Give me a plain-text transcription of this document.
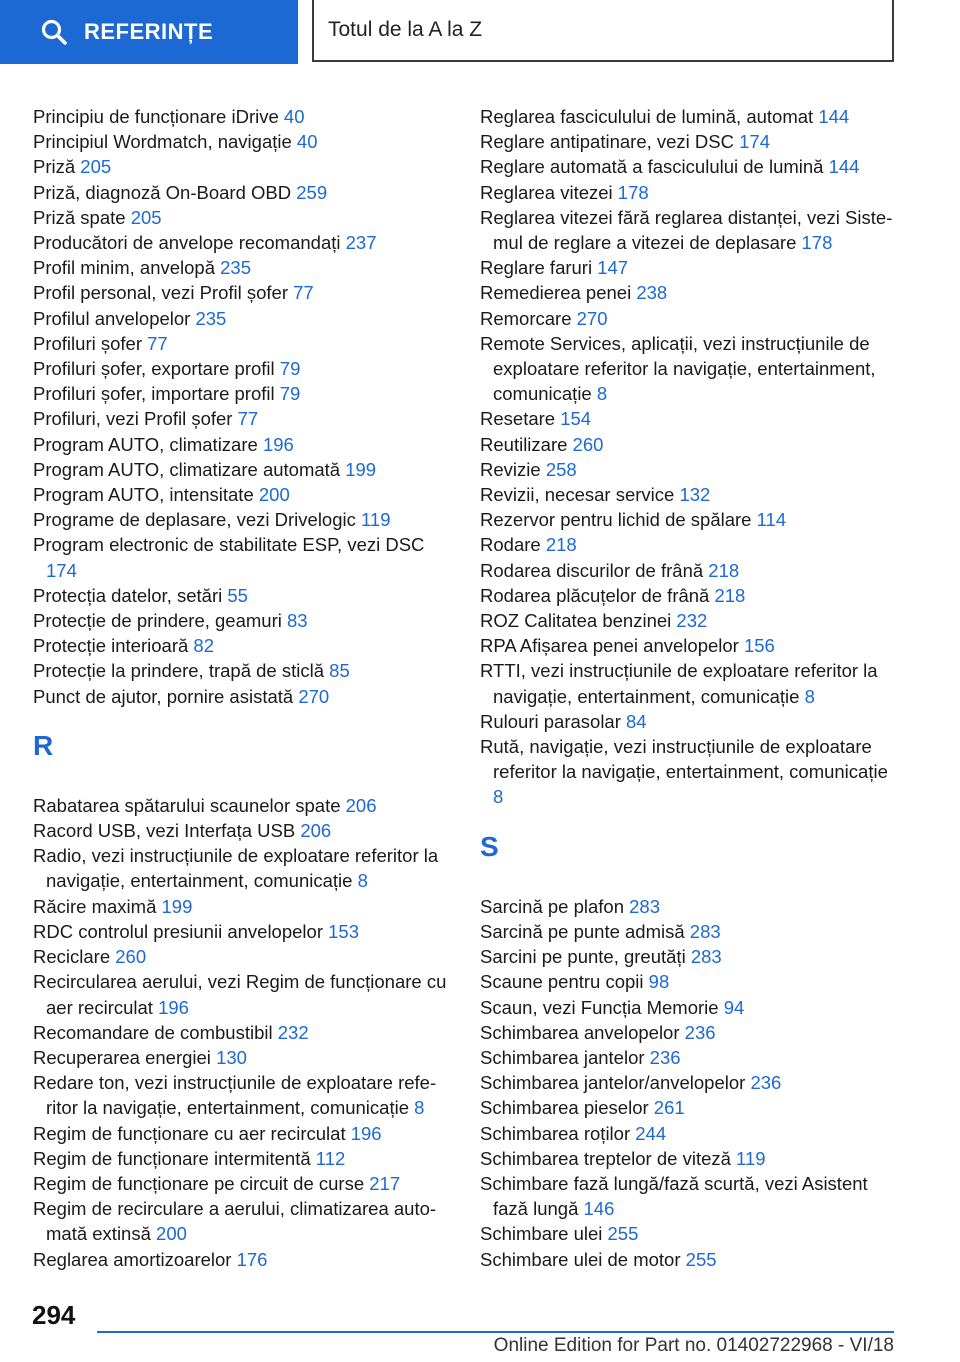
REFERINȚE	Totul de la A la Z
Principiu de funcționare iDrive 40
Principiul Wordmatch, navigație 40
Priză 205
Priză, diagnoză On-Board OBD 259
Priză spate 205
Producători de anvelope recomandați 237
Profil minim, anvelopă 235
Profil personal, vezi Profil șofer 77
Profilul anvelopelor 235
Profiluri șofer 77
Profiluri șofer, exportare profil 79
Profiluri șofer, importare profil 79
Profiluri, vezi Profil șofer 77
Program AUTO, climatizare 196
Program AUTO, climatizare automată 199
Program AUTO, intensitate 200
Programe de deplasare, vezi Drivelogic 119
Program electronic de stabilitate ESP, vezi DSC 174
Protecția datelor, setări 55
Protecție de prindere, geamuri 83
Protecție interioară 82
Protecție la prindere, trapă de sticlă 85
Punct de ajutor, pornire asistată 270
R
Rabatarea spătarului scaunelor spate 206
Racord USB, vezi Interfața USB 206
Radio, vezi instrucțiunile de exploatare referitor la navigație, entertainment, comunicație 8
Răcire maximă 199
RDC controlul presiunii anvelopelor 153
Reciclare 260
Recircularea aerului, vezi Regim de funcționare cu aer recirculat 196
Recomandare de combustibil 232
Recuperarea energiei 130
Redare ton, vezi instrucțiunile de exploatare referitor la navigație, entertainment, comunicație 8
Regim de funcționare cu aer recirculat 196
Regim de funcționare intermitentă 112
Regim de funcționare pe circuit de curse 217
Regim de recirculare a aerului, climatizarea automată extinsă 200
Reglarea amortizoarelor 176
Reglarea fasciculului de lumină, automat 144
Reglare antipatinare, vezi DSC 174
Reglare automată a fasciculului de lumină 144
Reglarea vitezei 178
Reglarea vitezei fără reglarea distanței, vezi Sistemul de reglare a vitezei de deplasare 178
Reglare faruri 147
Remedierea penei 238
Remorcare 270
Remote Services, aplicații, vezi instrucțiunile de exploatare referitor la navigație, entertainment, comunicație 8
Resetare 154
Reutilizare 260
Revizie 258
Revizii, necesar service 132
Rezervor pentru lichid de spălare 114
Rodare 218
Rodarea discurilor de frână 218
Rodarea plăcuțelor de frână 218
ROZ Calitatea benzinei 232
RPA Afișarea penei anvelopelor 156
RTTI, vezi instrucțiunile de exploatare referitor la navigație, entertainment, comunicație 8
Rulouri parasolar 84
Rută, navigație, vezi instrucțiunile de exploatare referitor la navigație, entertainment, comunicație 8
S
Sarcină pe plafon 283
Sarcină pe punte admisă 283
Sarcini pe punte, greutăți 283
Scaune pentru copii 98
Scaun, vezi Funcția Memorie 94
Schimbarea anvelopelor 236
Schimbarea jantelor 236
Schimbarea jantelor/anvelopelor 236
Schimbarea pieselor 261
Schimbarea roților 244
Schimbarea treptelor de viteză 119
Schimbare fază lungă/fază scurtă, vezi Asistent fază lungă 146
Schimbare ulei 255
Schimbare ulei de motor 255
294
Online Edition for Part no. 01402722968 - VI/18
